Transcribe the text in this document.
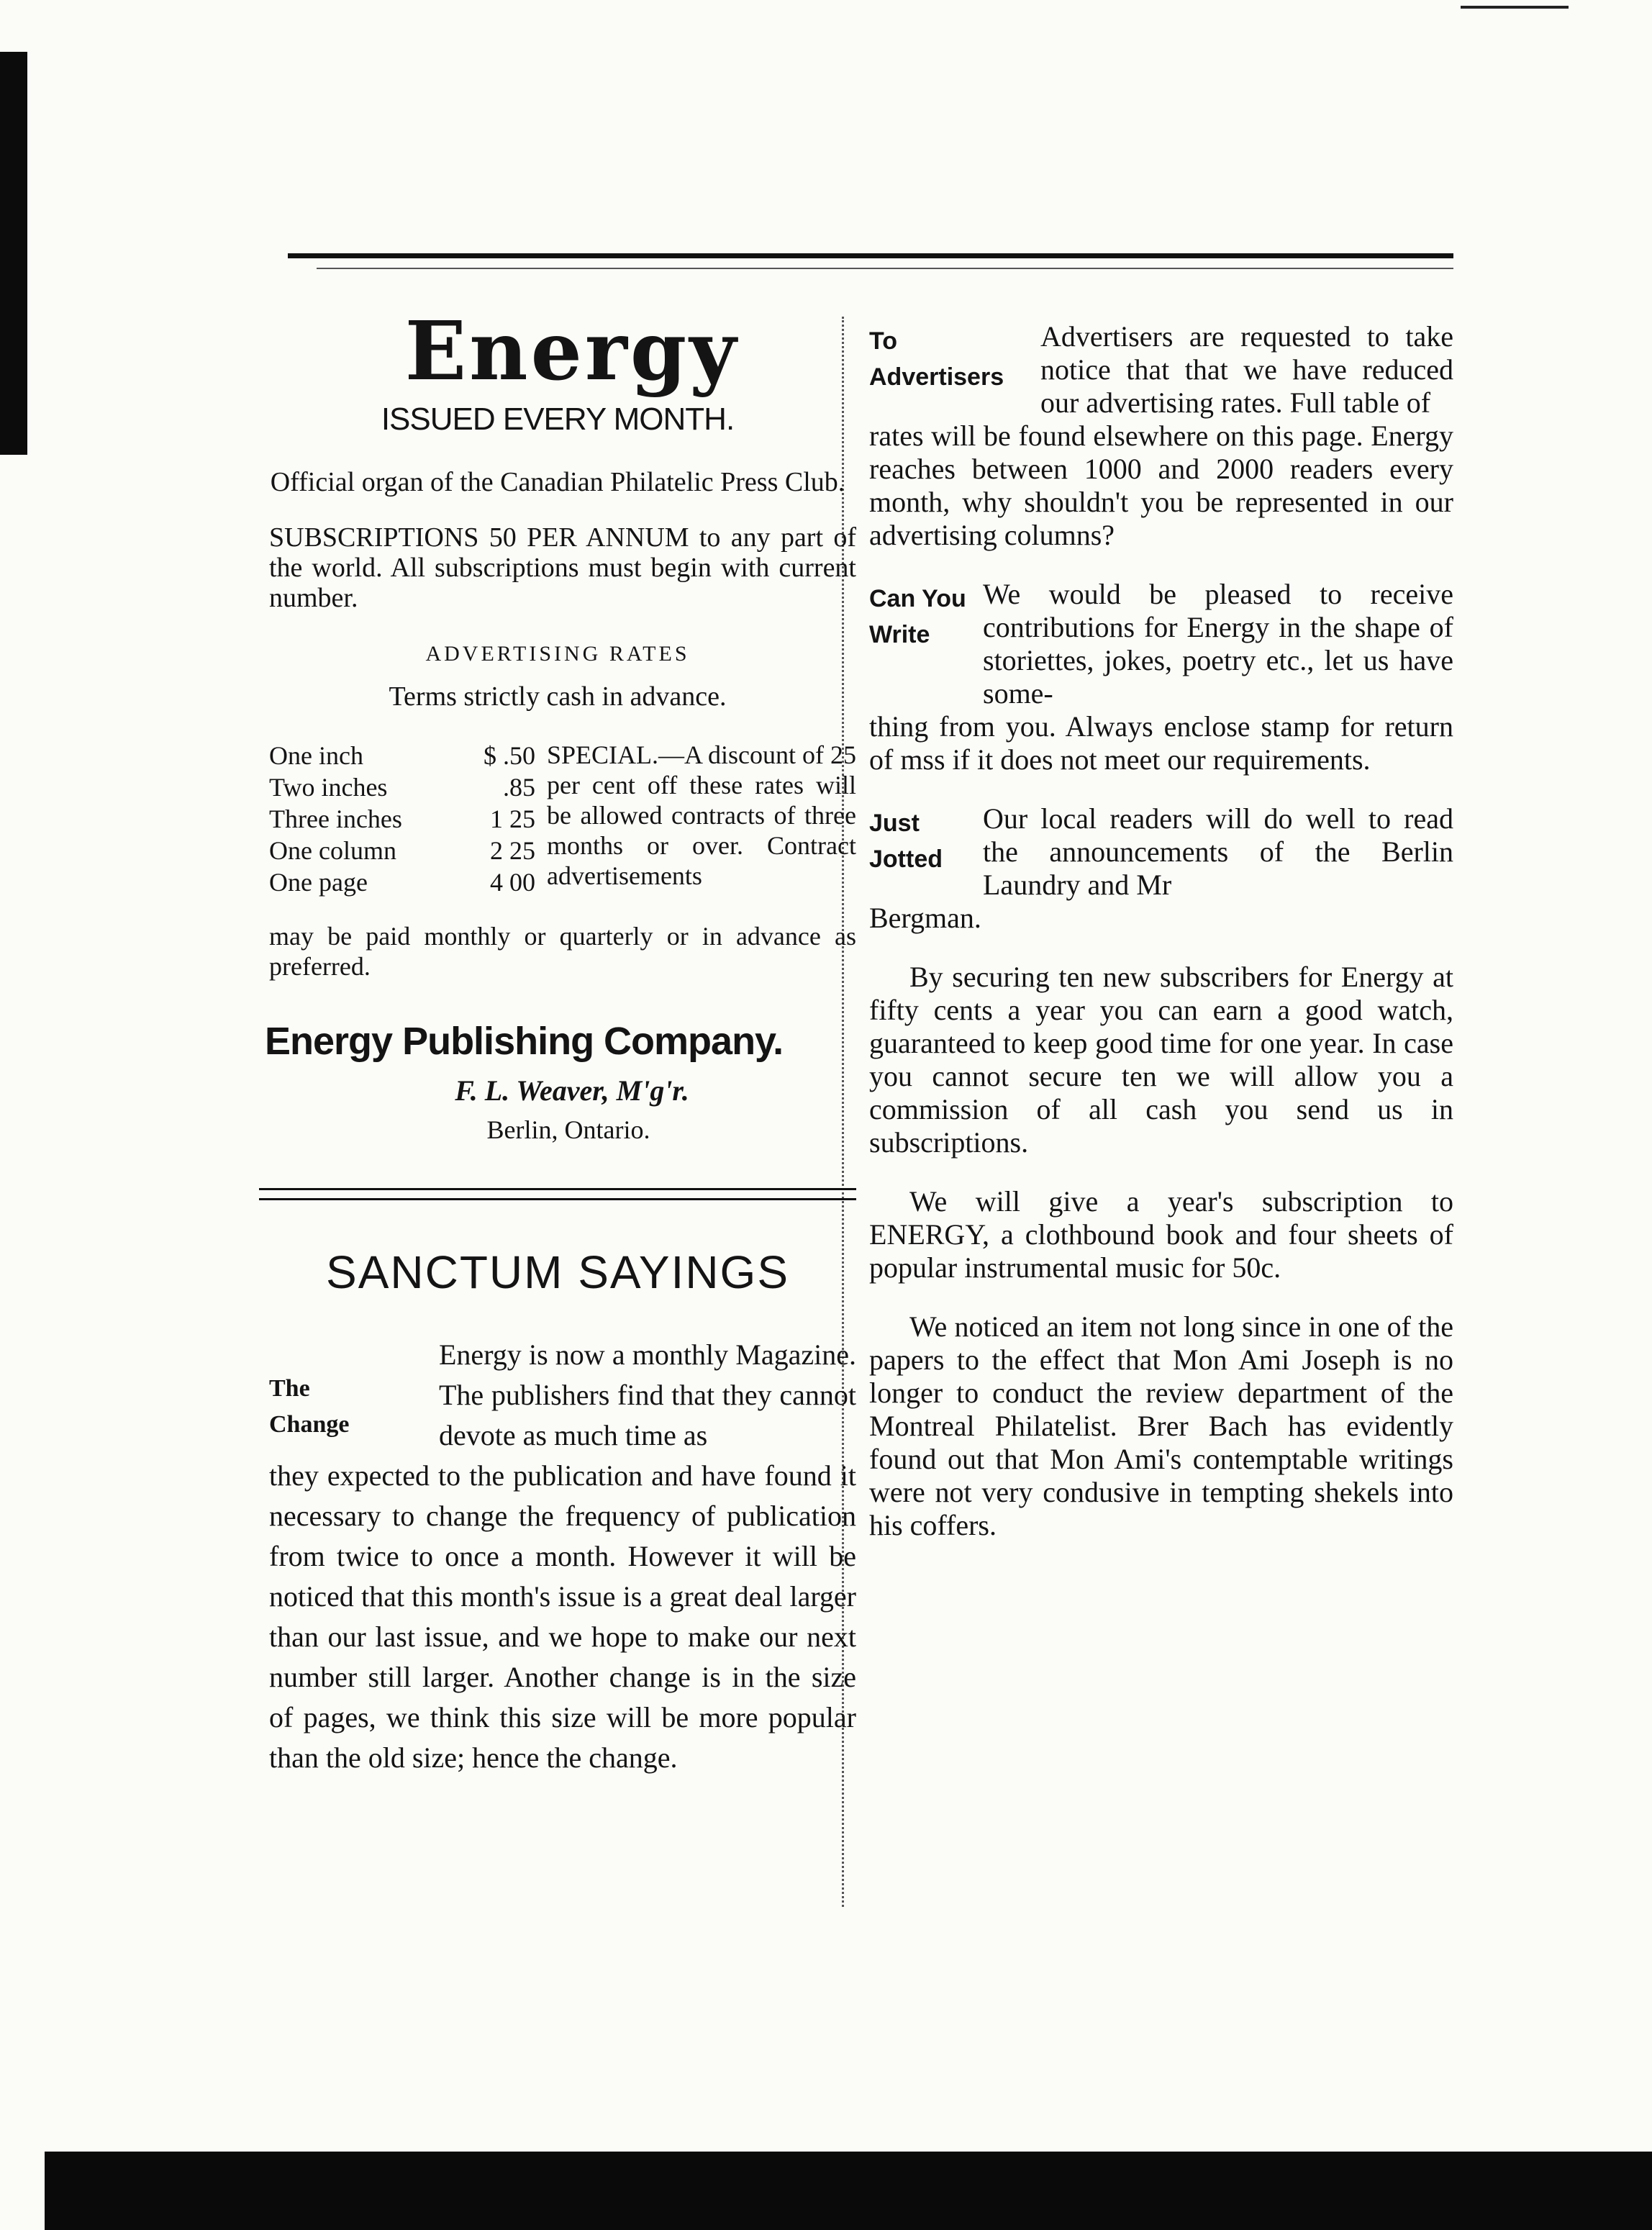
Energy
ISSUED EVERY MONTH.
Official organ of the Canadian Philatelic Press Club.
SUBSCRIPTIONS 50 PER ANNUM to any part of the world. All subscriptions must begin with current number.
ADVERTISING RATES
Terms strictly cash in advance.
One inch	$ .50
Two inches	.85
Three inches	1 25
One column	2 25
One page	4 00
SPECIAL.—A discount of 25 per cent off these rates will be allowed contracts of three months or over. Contract advertisements
may be paid monthly or quarterly or in advance as preferred.
Energy Publishing Company.
F. L. Weaver, M'g'r.
Berlin, Ontario.
SANCTUM SAYINGS
The Change
Energy is now a monthly Magazine. The publishers find that they cannot devote as much time as
they expected to the publication and have found it necessary to change the frequency of publication from twice to once a month. However it will be noticed that this month's issue is a great deal larger than our last issue, and we hope to make our next number still larger. Another change is in the size of pages, we think this size will be more popular than the old size; hence the change.
To Advertisers
Advertisers are requested to take notice that that we have reduced our advertising rates. Full table of
rates will be found elsewhere on this page. Energy reaches between 1000 and 2000 readers every month, why shouldn't you be represented in our advertising columns?
Can You Write
We would be pleased to receive contributions for Energy in the shape of storiettes, jokes, poetry etc., let us have some-
thing from you. Always enclose stamp for return of mss if it does not meet our requirements.
Just Jotted
Our local readers will do well to read the announcements of the Berlin Laundry and Mr
Bergman.
By securing ten new subscribers for Energy at fifty cents a year you can earn a good watch, guaranteed to keep good time for one year. In case you cannot secure ten we will allow you a commission of all cash you send us in subscriptions.
We will give a year's subscription to ENERGY, a clothbound book and four sheets of popular instrumental music for 50c.
We noticed an item not long since in one of the papers to the effect that Mon Ami Joseph is no longer to conduct the review department of the Montreal Philatelist. Brer Bach has evidently found out that Mon Ami's contemptable writings were not very condusive in tempting shekels into his coffers.
